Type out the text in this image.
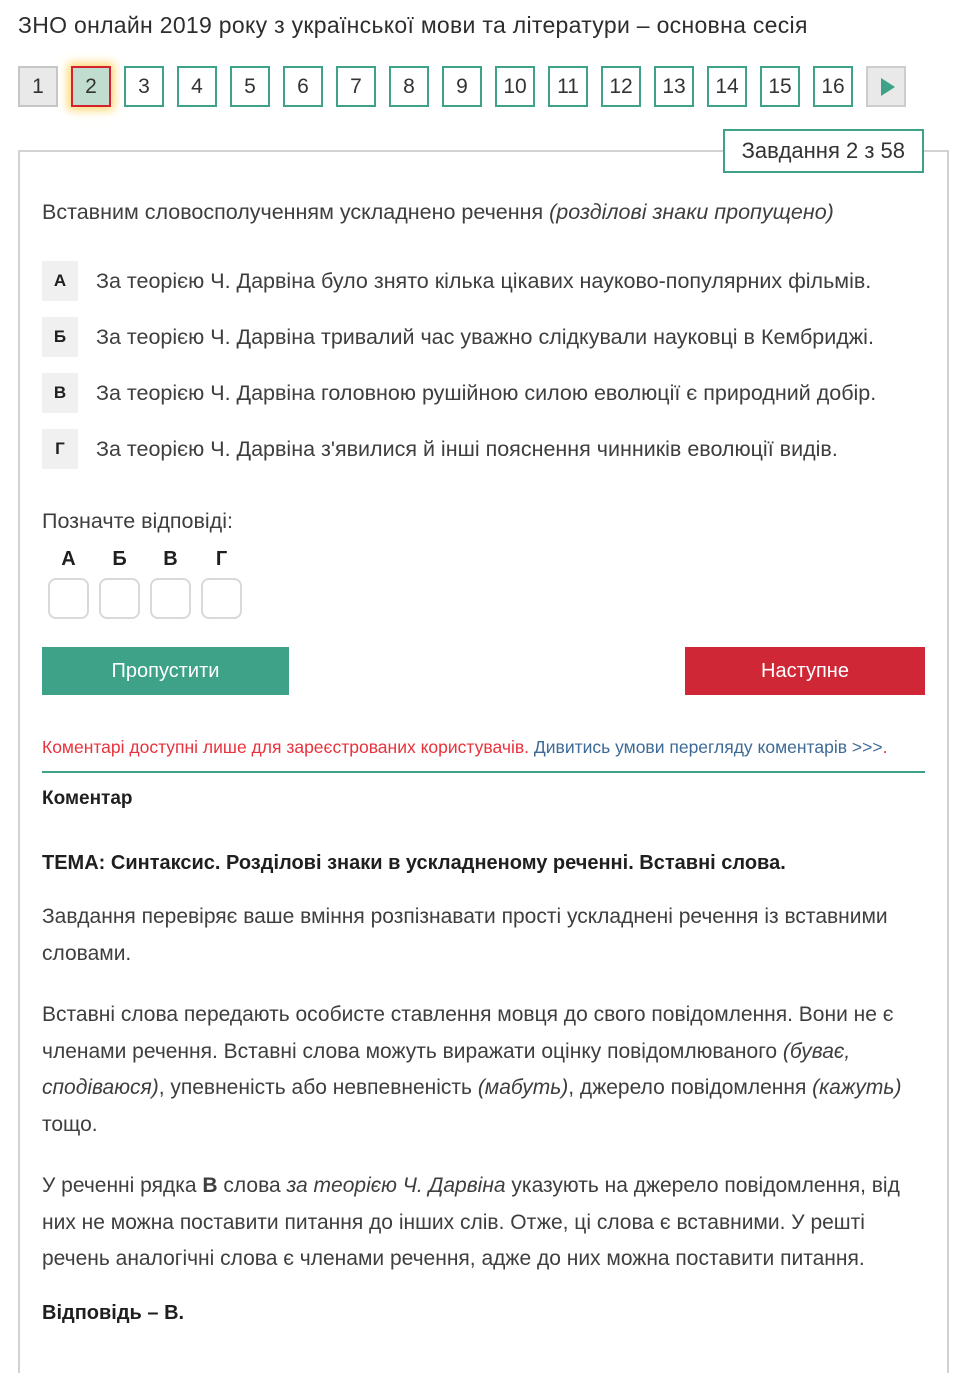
ЗНО онлайн 2019 року з української мови та літератури – основна сесія
1	2	3	4	5	6	7	8	9	10	11	12	13	14	15	16
Завдання 2 з 58

Вставним словосполученням ускладнено речення (розділові знаки пропущено)

А	За теорією Ч. Дарвіна було знято кілька цікавих науково-популярних фільмів.
Б	За теорією Ч. Дарвіна тривалий час уважно слідкували науковці в Кембриджі.
В	За теорією Ч. Дарвіна головною рушійною силою еволюції є природний добір.
Г	За теорією Ч. Дарвіна з'явилися й інші пояснення чинників еволюції видів.

Позначте відповіді:

А Б В Г
Пропустити	Наступне

Коментарі доступні лише для зареєстрованих користувачів. Дивитись умови перегляду коментарів >>>.

Коментар

ТЕМА: Синтаксис. Розділові знаки в ускладненому реченні. Вставні слова.

Завдання перевіряє ваше вміння розпізнавати прості ускладнені речення із вставними словами.

Вставні слова передають особисте ставлення мовця до свого повідомлення. Вони не є членами речення. Вставні слова можуть виражати оцінку повідомлюваного (буває, сподіваюся), упевненість або невпевненість (мабуть), джерело повідомлення (кажуть) тощо.

У реченні рядка В слова за теорією Ч. Дарвіна указують на джерело повідомлення, від них не можна поставити питання до інших слів. Отже, ці слова є вставними. У решті речень аналогічні слова є членами речення, адже до них можна поставити питання.

Відповідь – В.
